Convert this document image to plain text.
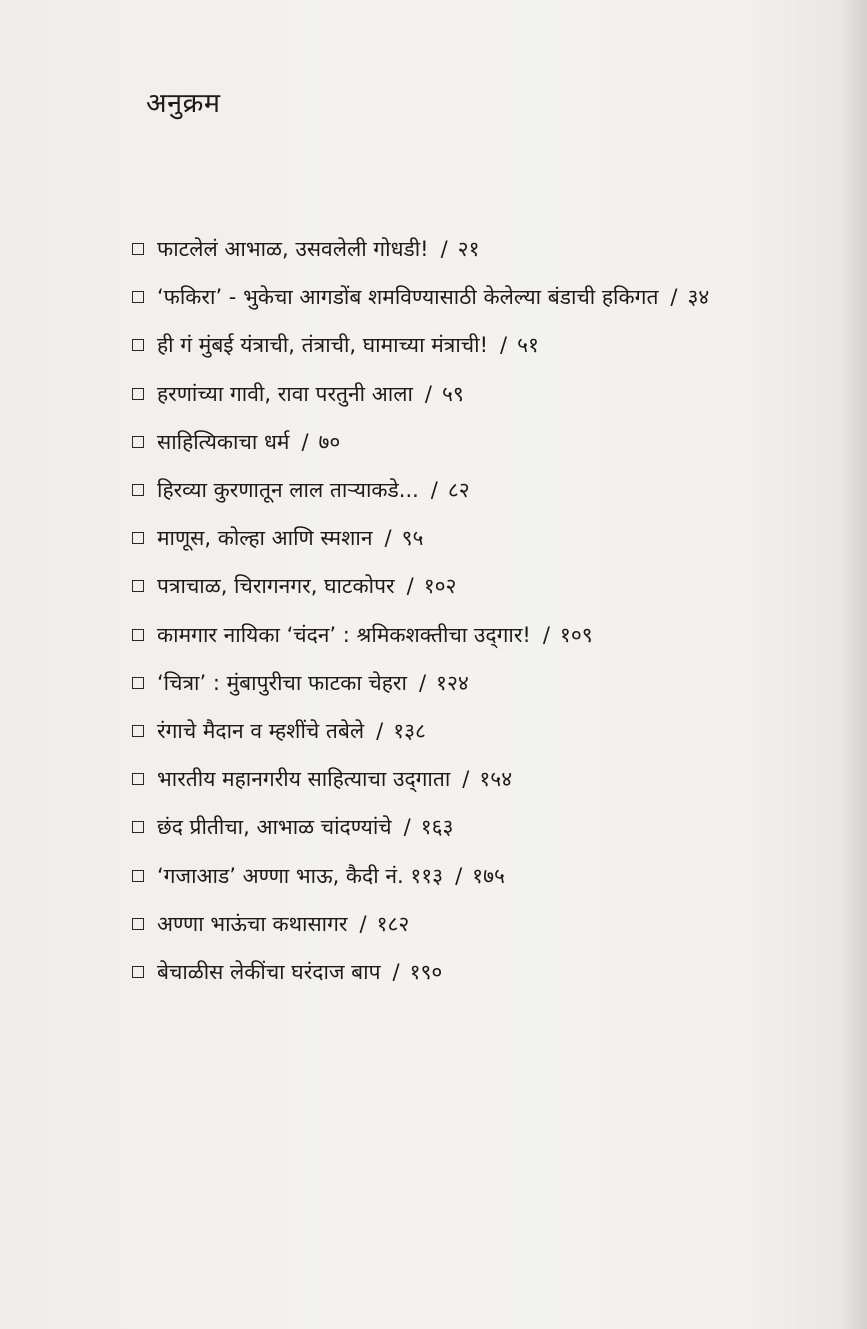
अनुक्रम
फाटलेलं आभाळ, उसवलेली गोधडी! / २१
‘फकिरा’ - भुकेचा आगडोंब शमविण्यासाठी केलेल्या बंडाची हकिगत / ३४
ही गं मुंबई यंत्राची, तंत्राची, घामाच्या मंत्राची! / ५१
हरणांच्या गावी, रावा परतुनी आला / ५९
साहित्यिकाचा धर्म / ७०
हिरव्या कुरणातून लाल ताऱ्याकडे... / ८२
माणूस, कोल्हा आणि स्मशान / ९५
पत्राचाळ, चिरागनगर, घाटकोपर / १०२
कामगार नायिका ‘चंदन’ : श्रमिकशक्तीचा उद्‌गार! / १०९
‘चित्रा’ : मुंबापुरीचा फाटका चेहरा / १२४
रंगाचे मैदान व म्हशींचे तबेले / १३८
भारतीय महानगरीय साहित्याचा उद्‌गाता / १५४
छंद प्रीतीचा, आभाळ चांदण्यांचे / १६३
‘गजाआड’ अण्णा भाऊ, कैदी नं. ११३ / १७५
अण्णा भाऊंचा कथासागर / १८२
बेचाळीस लेकींचा घरंदाज बाप / १९०
